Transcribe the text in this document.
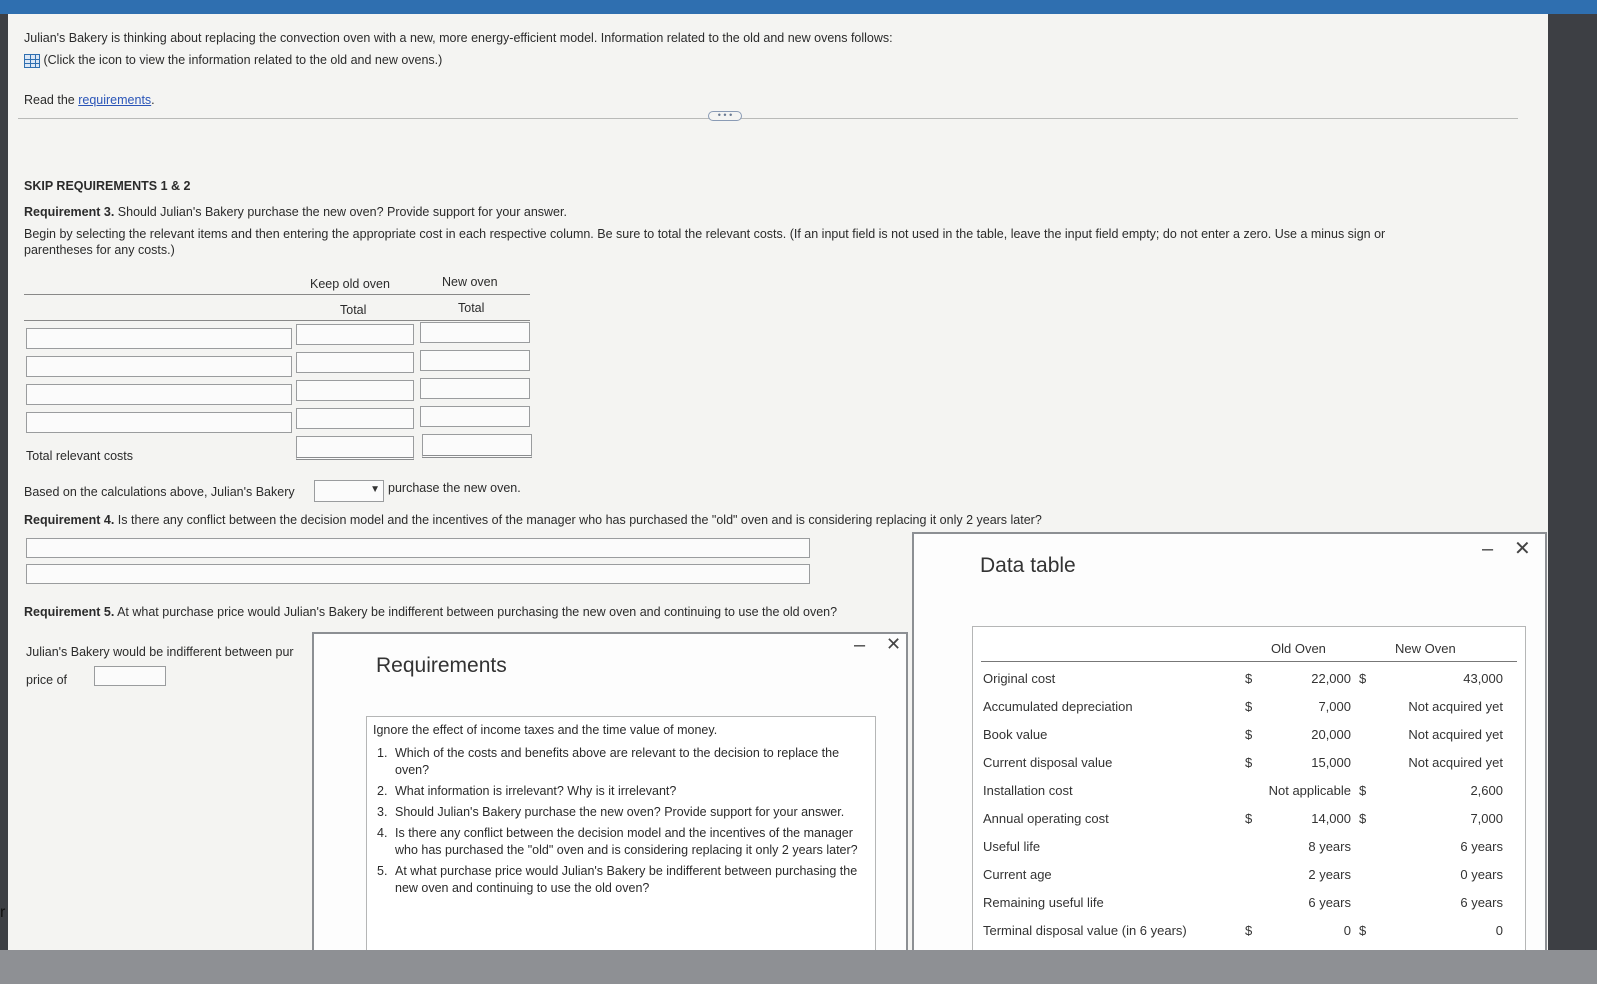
Julian's Bakery is thinking about replacing the convection oven with a new, more energy-efficient model. Information related to the old and new ovens follows:
(Click the icon to view the information related to the old and new ovens.)
Read the requirements.
• • •
SKIP REQUIREMENTS 1 & 2
Requirement 3. Should Julian's Bakery purchase the new oven? Provide support for your answer.
Begin by selecting the relevant items and then entering the appropriate cost in each respective column. Be sure to total the relevant costs. (If an input field is not used in the table, leave the input field empty; do not enter a zero. Use a minus sign or
parentheses for any costs.)
Keep old oven	New oven
Total	Total
Total relevant costs
Based on the calculations above, Julian's Bakery	▼ purchase the new oven.
Requirement 4. Is there any conflict between the decision model and the incentives of the manager who has purchased the "old" oven and is considering replacing it only 2 years later?
Requirement 5. At what purchase price would Julian's Bakery be indifferent between purchasing the new oven and continuing to use the old oven?
Julian's Bakery would be indifferent between pur
price of
r
Requirements
– ✕
Ignore the effect of income taxes and the time value of money.
1. Which of the costs and benefits above are relevant to the decision to replace the oven?
2. What information is irrelevant? Why is it irrelevant?
3. Should Julian's Bakery purchase the new oven? Provide support for your answer.
4. Is there any conflict between the decision model and the incentives of the manager who has purchased the "old" oven and is considering replacing it only 2 years later?
5. At what purchase price would Julian's Bakery be indifferent between purchasing the new oven and continuing to use the old oven?
Data table
– ✕
Old Oven	New Oven
Original cost	$	22,000 $	43,000
Accumulated depreciation	$	7,000	Not acquired yet
Book value	$	20,000	Not acquired yet
Current disposal value	$	15,000	Not acquired yet
Installation cost	Not applicable $	2,600
Annual operating cost	$	14,000 $	7,000
Useful life	8 years	6 years
Current age	2 years	0 years
Remaining useful life	6 years	6 years
Terminal disposal value (in 6 years)	$	0 $	0
